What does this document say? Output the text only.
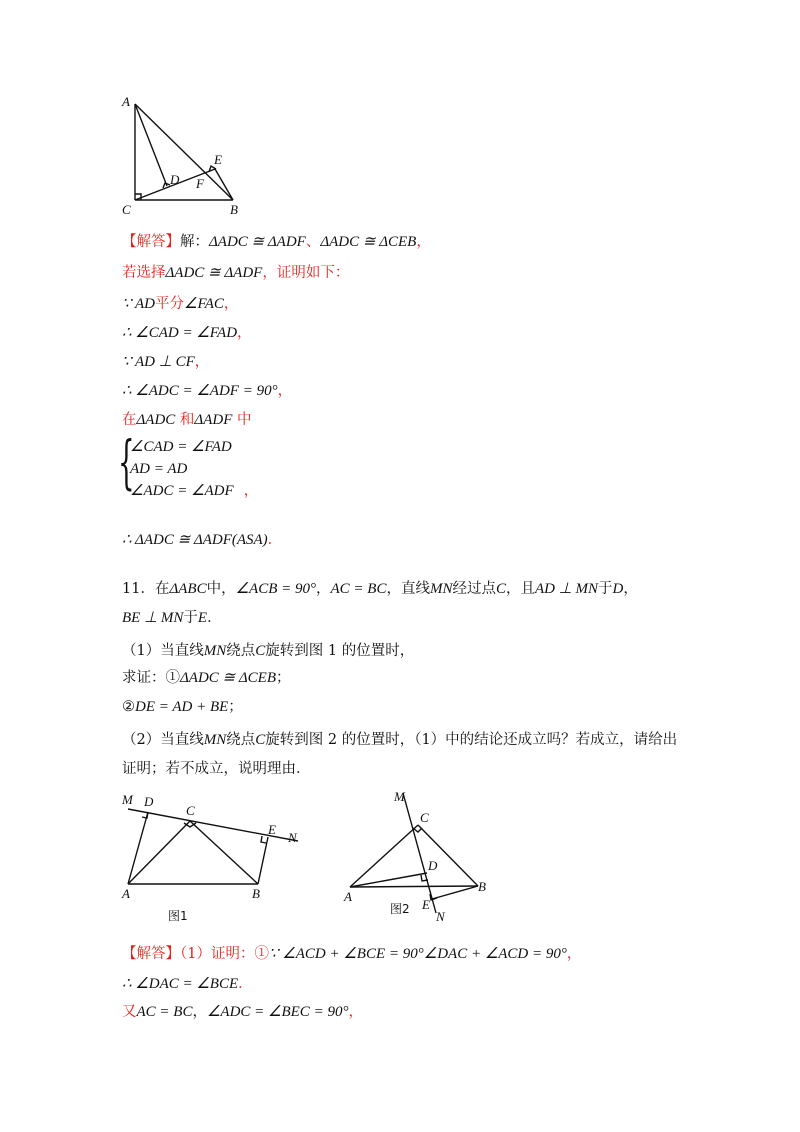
A
C	B
D
E
F
【解答】解：ΔADC ≅ ΔADF、ΔADC ≅ ΔCEB，
若选择ΔADC ≅ ΔADF，证明如下：
∵ AD平分∠FAC，
∴ ∠CAD = ∠FAD，
∵ AD ⊥ CF，
∴ ∠ADC = ∠ADF = 90°，
在ΔADC 和ΔADF 中
{
∠CAD = ∠FAD
AD = AD
∠ADC = ∠ADF ，
∴ ΔADC ≅ ΔADF(ASA)．
11．在ΔABC中，∠ACB = 90°，AC = BC，直线MN经过点C，且AD ⊥ MN于D，
BE ⊥ MN于E．
（1）当直线MN绕点C旋转到图 1 的位置时，
求证：①ΔADC ≅ ΔCEB；
②DE = AD + BE；
（2）当直线MN绕点C旋转到图 2 的位置时，（1）中的结论还成立吗？若成立，请给出
证明；若不成立，说明理由．
M D
C
E
N
A	B
图1
M
C
D
A
B
E
N
图2
【解答】（1）证明：①∵ ∠ACD + ∠BCE = 90°∠DAC + ∠ACD = 90°，
∴ ∠DAC = ∠BCE．
又AC = BC，∠ADC = ∠BEC = 90°，
